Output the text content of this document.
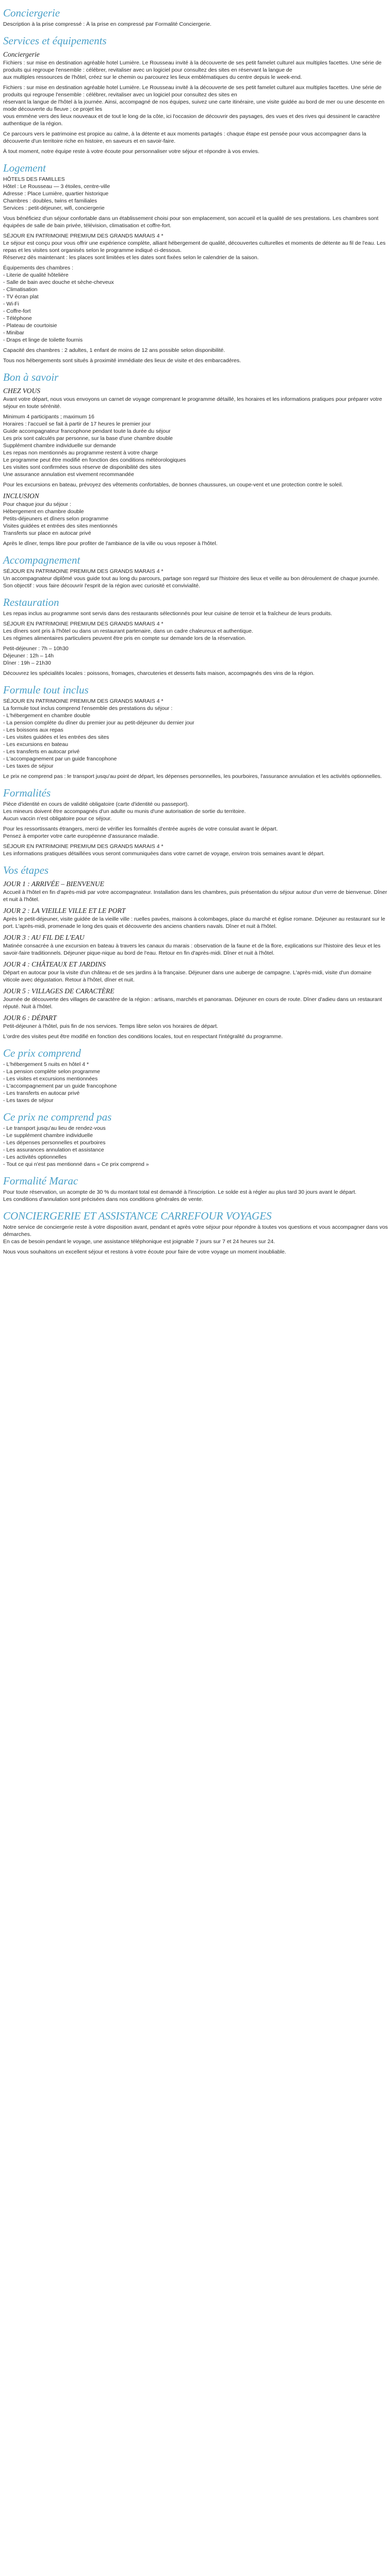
Conciergerie

Description à la prise compressé : À la prise en compressé par Formalité Conciergerie.

Services et équipements
Conciergerie

Fichiers : sur mise en destination agréable hotel Lumière. Le Rousseau invité à la découverte de ses petit famelet culturel aux multiples facettes. Une série de produits qui regroupe l'ensemble : célébrer, revitaliser avec un logiciel pour consultez des sites en réservant la langue de
aux multiples ressources de l'hôtel, créez sur le chemin ou parcourez les lieux emblématiques du centre depuis le week-end.

Fichiers : sur mise en destination agréable hotel Lumière. Le Rousseau invité à la découverte de ses petit famelet culturel aux multiples facettes. Une série de produits qui regroupe l'ensemble : célébrer, revitaliser avec un logiciel pour consultez des sites en
réservant la langue de l'hôtel à la journée. Ainsi, accompagné de nos équipes, suivez une carte itinéraire, une visite guidée au bord de mer ou une descente en mode découverte du fleuve ; ce projet les
vous emmène vers des lieux nouveaux et de tout le long de la côte, ici l'occasion de découvrir des paysages, des vues et des rives qui dessinent le caractère authentique de la région.

Ce parcours vers le patrimoine est propice au calme, à la détente et aux moments partagés : chaque étape est pensée pour vous accompagner dans la découverte d'un territoire riche en histoire, en saveurs et en savoir-faire.

À tout moment, notre équipe reste à votre écoute pour personnaliser votre séjour et répondre à vos envies.

Logement

HÔTELS DES FAMILLES
Hôtel : Le Rousseau — 3 étoiles, centre-ville
Adresse : Place Lumière, quartier historique
Chambres : doubles, twins et familiales
Services : petit-déjeuner, wifi, conciergerie

Vous bénéficiez d'un séjour confortable dans un établissement choisi pour son emplacement, son accueil et la qualité de ses prestations. Les chambres sont équipées de salle de bain privée, télévision, climatisation et coffre-fort.

SÉJOUR EN PATRIMOINE PREMIUM DES GRANDS MARAIS 4 *
Le séjour est conçu pour vous offrir une expérience complète, alliant hébergement de qualité, découvertes culturelles et moments de détente au fil de l'eau. Les repas et les visites sont organisés selon le programme indiqué ci-dessous.
Réservez dès maintenant : les places sont limitées et les dates sont fixées selon le calendrier de la saison.

Équipements des chambres :
- Literie de qualité hôtelière
- Salle de bain avec douche et sèche-cheveux
- Climatisation
- TV écran plat
- Wi-Fi
- Coffre-fort
- Téléphone
- Plateau de courtoisie
- Minibar
- Draps et linge de toilette fournis

Capacité des chambres : 2 adultes, 1 enfant de moins de 12 ans possible selon disponibilité.

Tous nos hébergements sont situés à proximité immédiate des lieux de visite et des embarcadères.

Bon à savoir
CHEZ VOUS

Avant votre départ, nous vous envoyons un carnet de voyage comprenant le programme détaillé, les horaires et les informations pratiques pour préparer votre séjour en toute sérénité.

Minimum 4 participants ; maximum 16
Horaires : l'accueil se fait à partir de 17 heures le premier jour
Guide accompagnateur francophone pendant toute la durée du séjour
Les prix sont calculés par personne, sur la base d'une chambre double
Supplément chambre individuelle sur demande
Les repas non mentionnés au programme restent à votre charge
Le programme peut être modifié en fonction des conditions météorologiques
Les visites sont confirmées sous réserve de disponibilité des sites
Une assurance annulation est vivement recommandée

Pour les excursions en bateau, prévoyez des vêtements confortables, de bonnes chaussures, un coupe-vent et une protection contre le soleil.

INCLUSION

Pour chaque jour du séjour :
Hébergement en chambre double
Petits-déjeuners et dîners selon programme
Visites guidées et entrées des sites mentionnés
Transferts sur place en autocar privé

Après le dîner, temps libre pour profiter de l'ambiance de la ville ou vous reposer à l'hôtel.

Accompagnement

SÉJOUR EN PATRIMOINE PREMIUM DES GRANDS MARAIS 4 *
Un accompagnateur diplômé vous guide tout au long du parcours, partage son regard sur l'histoire des lieux et veille au bon déroulement de chaque journée.
Son objectif : vous faire découvrir l'esprit de la région avec curiosité et convivialité.

Restauration

Les repas inclus au programme sont servis dans des restaurants sélectionnés pour leur cuisine de terroir et la fraîcheur de leurs produits.

SÉJOUR EN PATRIMOINE PREMIUM DES GRANDS MARAIS 4 *
Les dîners sont pris à l'hôtel ou dans un restaurant partenaire, dans un cadre chaleureux et authentique.
Les régimes alimentaires particuliers peuvent être pris en compte sur demande lors de la réservation.

Petit-déjeuner : 7h – 10h30
Déjeuner : 12h – 14h
Dîner : 19h – 21h30

Découvrez les spécialités locales : poissons, fromages, charcuteries et desserts faits maison, accompagnés des vins de la région.

Formule tout inclus

SÉJOUR EN PATRIMOINE PREMIUM DES GRANDS MARAIS 4 *
La formule tout inclus comprend l'ensemble des prestations du séjour :
- L'hébergement en chambre double
- La pension complète du dîner du premier jour au petit-déjeuner du dernier jour
- Les boissons aux repas
- Les visites guidées et les entrées des sites
- Les excursions en bateau
- Les transferts en autocar privé
- L'accompagnement par un guide francophone
- Les taxes de séjour

Le prix ne comprend pas : le transport jusqu'au point de départ, les dépenses personnelles, les pourboires, l'assurance annulation et les activités optionnelles.

Formalités

Pièce d'identité en cours de validité obligatoire (carte d'identité ou passeport).
Les mineurs doivent être accompagnés d'un adulte ou munis d'une autorisation de sortie du territoire.
Aucun vaccin n'est obligatoire pour ce séjour.

Pour les ressortissants étrangers, merci de vérifier les formalités d'entrée auprès de votre consulat avant le départ.
Pensez à emporter votre carte européenne d'assurance maladie.

SÉJOUR EN PATRIMOINE PREMIUM DES GRANDS MARAIS 4 *
Les informations pratiques détaillées vous seront communiquées dans votre carnet de voyage, environ trois semaines avant le départ.

Vos étapes
JOUR 1 : ARRIVÉE – BIENVENUE

Accueil à l'hôtel en fin d'après-midi par votre accompagnateur. Installation dans les chambres, puis présentation du séjour autour d'un verre de bienvenue. Dîner et nuit à l'hôtel.

JOUR 2 : LA VIEILLE VILLE ET LE PORT

Après le petit-déjeuner, visite guidée de la vieille ville : ruelles pavées, maisons à colombages, place du marché et église romane. Déjeuner au restaurant sur le port. L'après-midi, promenade le long des quais et découverte des anciens chantiers navals. Dîner et nuit à l'hôtel.

JOUR 3 : AU FIL DE L'EAU

Matinée consacrée à une excursion en bateau à travers les canaux du marais : observation de la faune et de la flore, explications sur l'histoire des lieux et les savoir-faire traditionnels. Déjeuner pique-nique au bord de l'eau. Retour en fin d'après-midi. Dîner et nuit à l'hôtel.

JOUR 4 : CHÂTEAUX ET JARDINS

Départ en autocar pour la visite d'un château et de ses jardins à la française. Déjeuner dans une auberge de campagne. L'après-midi, visite d'un domaine viticole avec dégustation. Retour à l'hôtel, dîner et nuit.

JOUR 5 : VILLAGES DE CARACTÈRE

Journée de découverte des villages de caractère de la région : artisans, marchés et panoramas. Déjeuner en cours de route. Dîner d'adieu dans un restaurant réputé. Nuit à l'hôtel.

JOUR 6 : DÉPART

Petit-déjeuner à l'hôtel, puis fin de nos services. Temps libre selon vos horaires de départ.

L'ordre des visites peut être modifié en fonction des conditions locales, tout en respectant l'intégralité du programme.

Ce prix comprend

- L'hébergement 5 nuits en hôtel 4 *
- La pension complète selon programme
- Les visites et excursions mentionnées
- L'accompagnement par un guide francophone
- Les transferts en autocar privé
- Les taxes de séjour

Ce prix ne comprend pas

- Le transport jusqu'au lieu de rendez-vous
- Le supplément chambre individuelle
- Les dépenses personnelles et pourboires
- Les assurances annulation et assistance
- Les activités optionnelles
- Tout ce qui n'est pas mentionné dans « Ce prix comprend »

Formalité Marac

Pour toute réservation, un acompte de 30 % du montant total est demandé à l'inscription. Le solde est à régler au plus tard 30 jours avant le départ.
Les conditions d'annulation sont précisées dans nos conditions générales de vente.

CONCIERGERIE ET ASSISTANCE CARREFOUR VOYAGES

Notre service de conciergerie reste à votre disposition avant, pendant et après votre séjour pour répondre à toutes vos questions et vous accompagner dans vos démarches.
En cas de besoin pendant le voyage, une assistance téléphonique est joignable 7 jours sur 7 et 24 heures sur 24.

Nous vous souhaitons un excellent séjour et restons à votre écoute pour faire de votre voyage un moment inoubliable.
